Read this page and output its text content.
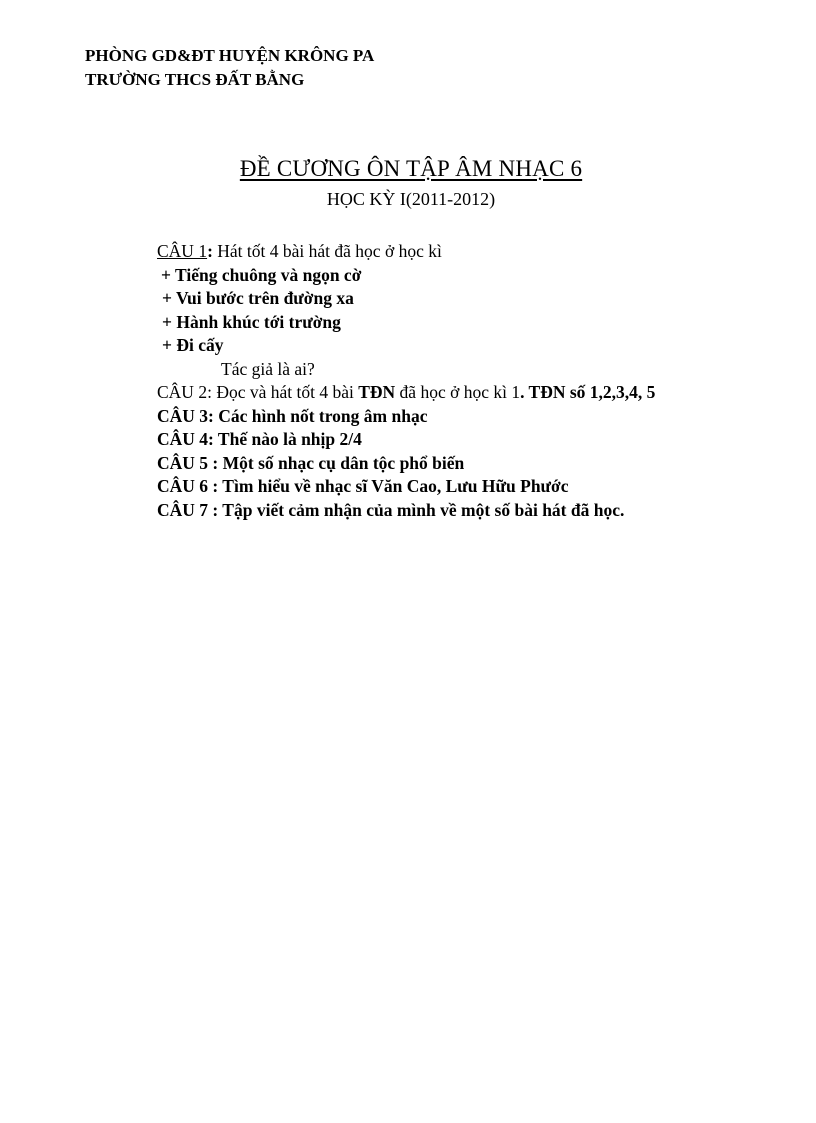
PHÒNG GD&ĐT HUYỆN KRÔNG PA
TRƯỜNG THCS ĐẤT BẰNG
ĐỀ CƯƠNG ÔN TẬP ÂM NHẠC 6
HỌC KỲ I(2011-2012)
CÂU 1: Hát tốt 4 bài hát đã học ở học kì
+ Tiếng chuông và ngọn cờ
+ Vui bước trên đường xa
+ Hành khúc tới trường
+ Đi cấy
Tác giả là ai?
CÂU 2: Đọc và hát tốt 4 bài TĐN đã học ở học kì 1. TĐN số 1,2,3,4, 5
CÂU 3: Các hình nốt trong âm nhạc
CÂU 4: Thế nào là nhịp 2/4
CÂU 5 : Một số nhạc cụ dân tộc phổ biến
CÂU 6 : Tìm hiểu về nhạc sĩ Văn Cao, Lưu Hữu Phước
CÂU 7 : Tập viết cảm nhận của mình về một số bài hát đã học.
